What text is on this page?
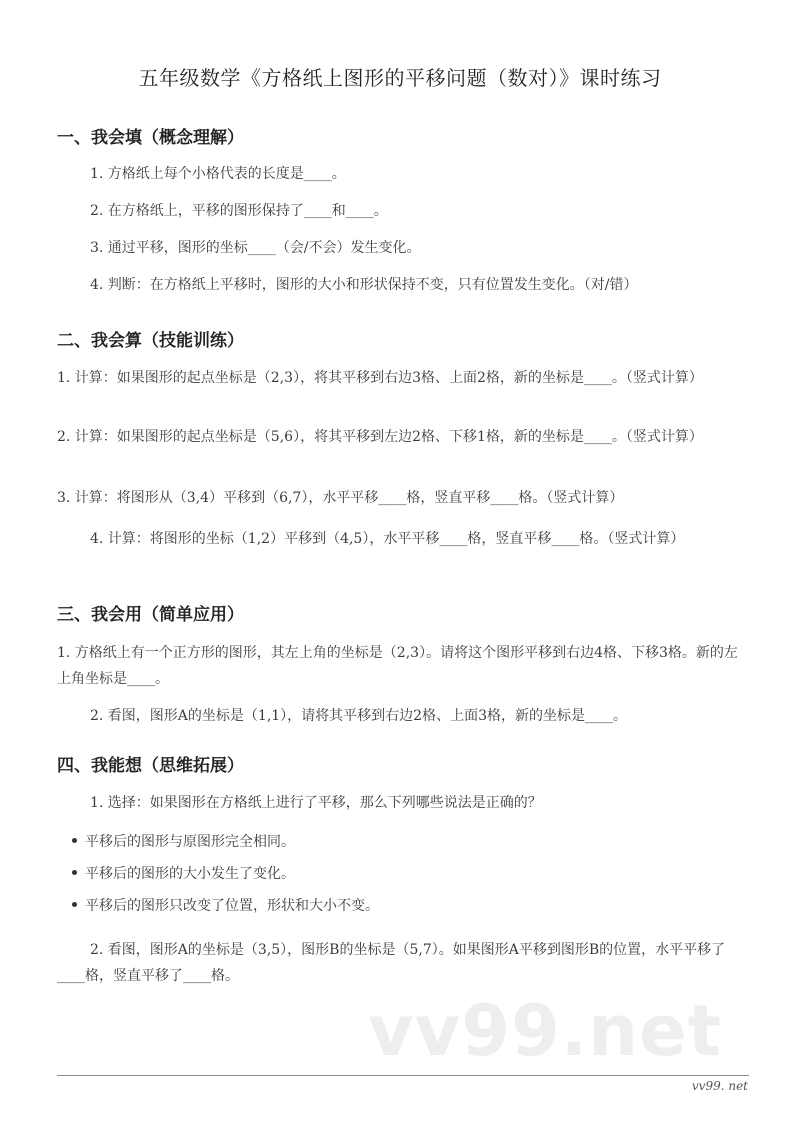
五年级数学《方格纸上图形的平移问题（数对）》课时练习
一、我会填（概念理解）
1. 方格纸上每个小格代表的长度是____。
2. 在方格纸上，平移的图形保持了____和____。
3. 通过平移，图形的坐标____（会/不会）发生变化。
4. 判断：在方格纸上平移时，图形的大小和形状保持不变，只有位置发生变化。（对/错）
二、我会算（技能训练）
1. 计算：如果图形的起点坐标是（2,3），将其平移到右边3格、上面2格，新的坐标是____。（竖式计算）
2. 计算：如果图形的起点坐标是（5,6），将其平移到左边2格、下移1格，新的坐标是____。（竖式计算）
3. 计算：将图形从（3,4）平移到（6,7），水平平移____格，竖直平移____格。（竖式计算）
4. 计算：将图形的坐标（1,2）平移到（4,5），水平平移____格，竖直平移____格。（竖式计算）
三、我会用（简单应用）
1. 方格纸上有一个正方形的图形，其左上角的坐标是（2,3）。请将这个图形平移到右边4格、下移3格。新的左上角坐标是____。
2. 看图，图形A的坐标是（1,1），请将其平移到右边2格、上面3格，新的坐标是____。
四、我能想（思维拓展）
1. 选择：如果图形在方格纸上进行了平移，那么下列哪些说法是正确的？
平移后的图形与原图形完全相同。
平移后的图形的大小发生了变化。
平移后的图形只改变了位置，形状和大小不变。
2. 看图，图形A的坐标是（3,5），图形B的坐标是（5,7）。如果图形A平移到图形B的位置，水平平移了____格，竖直平移了____格。
vv99.net
vv99. net
